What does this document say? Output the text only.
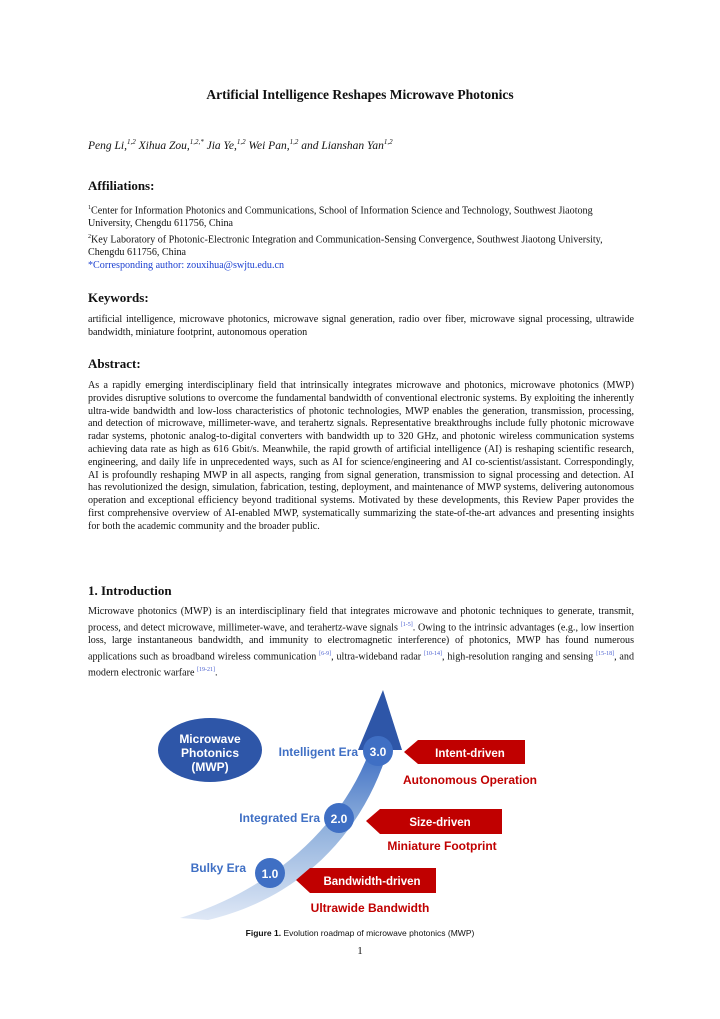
Artificial Intelligence Reshapes Microwave Photonics
Peng Li,$^{1,2}$ Xihua Zou,$^{1,2,*}$ Jia Ye,$^{1,2}$ Wei Pan,$^{1,2}$ and Lianshan Yan$^{1,2}$
Affiliations:

$^1$Center for Information Photonics and Communications, School of Information Science and Technology, Southwest Jiaotong University, Chengdu 611756, China

$^2$Key Laboratory of Photonic-Electronic Integration and Communication-Sensing Convergence, Southwest Jiaotong University, Chengdu 611756, China

*Corresponding author: zouxihua@swjtu.edu.cn

Keywords:
artificial intelligence, microwave photonics, microwave signal generation, radio over fiber, microwave signal processing, ultrawide bandwidth, miniature footprint, autonomous operation
Abstract:
As a rapidly emerging interdisciplinary field that intrinsically integrates microwave and photonics, microwave photonics (MWP) provides disruptive solutions to overcome the fundamental bandwidth of conventional electronic systems. By exploiting the inherently ultra-wide bandwidth and low-loss characteristics of photonic technologies, MWP enables the generation, transmission, processing, and detection of microwave, millimeter-wave, and terahertz signals. Representative breakthroughs include fully photonic microwave radar systems, photonic analog-to-digital converters with bandwidth up to 320 GHz, and photonic wireless communication systems achieving data rate as high as 616 Gbit/s. Meanwhile, the rapid growth of artificial intelligence (AI) is reshaping scientific research, engineering, and daily life in unprecedented ways, such as AI for science/engineering and AI co-scientist/assistant. Correspondingly, AI is profoundly reshaping MWP in all aspects, ranging from signal generation, transmission to signal processing and detection. AI has revolutionized the design, simulation, fabrication, testing, deployment, and maintenance of MWP systems, delivering autonomous operation and exceptional efficiency beyond traditional systems. Motivated by these developments, this Review Paper provides the first comprehensive overview of AI-enabled MWP, systematically summarizing the state-of-the-art advances and presenting insights for both the academic community and the broader public.
1. Introduction
Microwave photonics (MWP) is an interdisciplinary field that integrates microwave and photonic techniques to generate, transmit, process, and detect microwave, millimeter-wave, and terahertz-wave signals [1-5]. Owing to the intrinsic advantages (e.g., low insertion loss, large instantaneous bandwidth, and immunity to electromagnetic interference) of photonics, MWP has found numerous applications such as broadband wireless communication [6-9], ultra-wideband radar [10-14], high-resolution ranging and sensing [15-18], and modern electronic warfare [19-21].
Microwave
Photonics
(MWP)
Intelligent Era 3.0	Intent-driven
Autonomous Operation
Integrated Era 2.0	Size-driven
Miniature Footprint
Bulky Era 1.0
Bandwidth-driven
Ultrawide Bandwidth
Figure 1. Evolution roadmap of microwave photonics (MWP)
1
